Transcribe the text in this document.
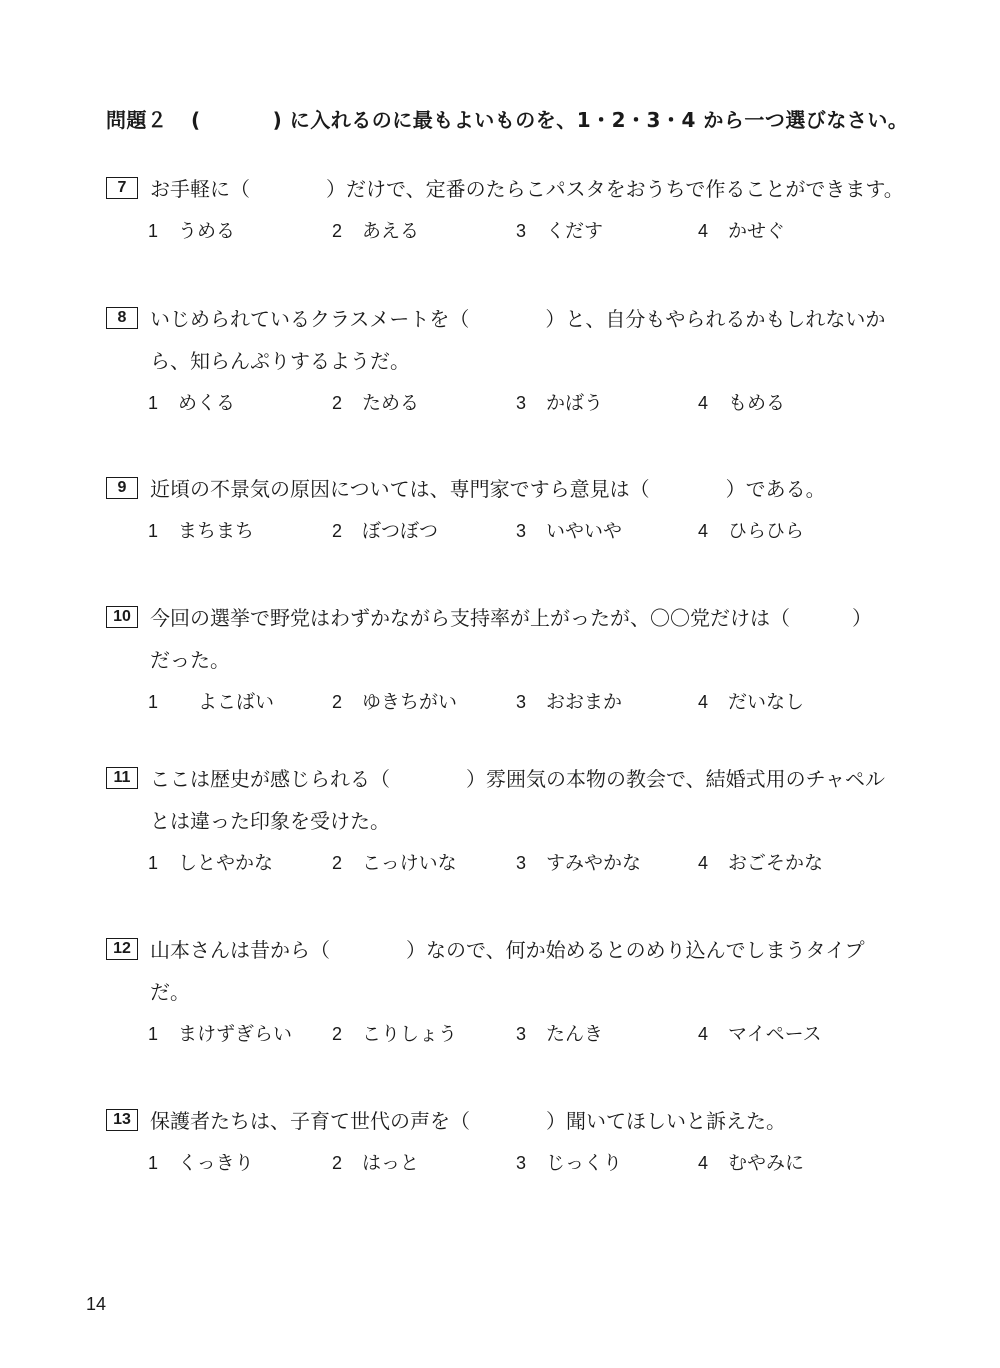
問題２ (	) に入れるのに最もよいものを、1・2・3・4 から一つ選びなさい。
7	お手軽に（	）だけで、定番のたらこパスタをおうちで作ることができます。
1 うめる	2 あえる	3 くだす	4 かせぐ
8	いじめられているクラスメートを（	）と、自分もやられるかもしれないか
ら、知らんぷりするようだ。
1 めくる	2 ためる	3 かばう	4 もめる
9	近頃の不景気の原因については、専門家ですら意見は（	）である。
1 まちまち	2 ぼつぼつ	3 いやいや	4 ひらひら
10 今回の選挙で野党はわずかながら支持率が上がったが、〇〇党だけは（	）
だった。
1 よこばい	2 ゆきちがい	3 おおまか	4 だいなし
11 ここは歴史が感じられる（	）雰囲気の本物の教会で、結婚式用のチャペル
とは違った印象を受けた。
1 しとやかな	2 こっけいな	3 すみやかな	4 おごそかな
12 山本さんは昔から（	）なので、何か始めるとのめり込んでしまうタイプ
だ。
1 まけずぎらい 2 こりしょう	3 たんき	4 マイペース
13 保護者たちは、子育て世代の声を（	）聞いてほしいと訴えた。
1 くっきり	2 はっと	3 じっくり	4 むやみに
14
